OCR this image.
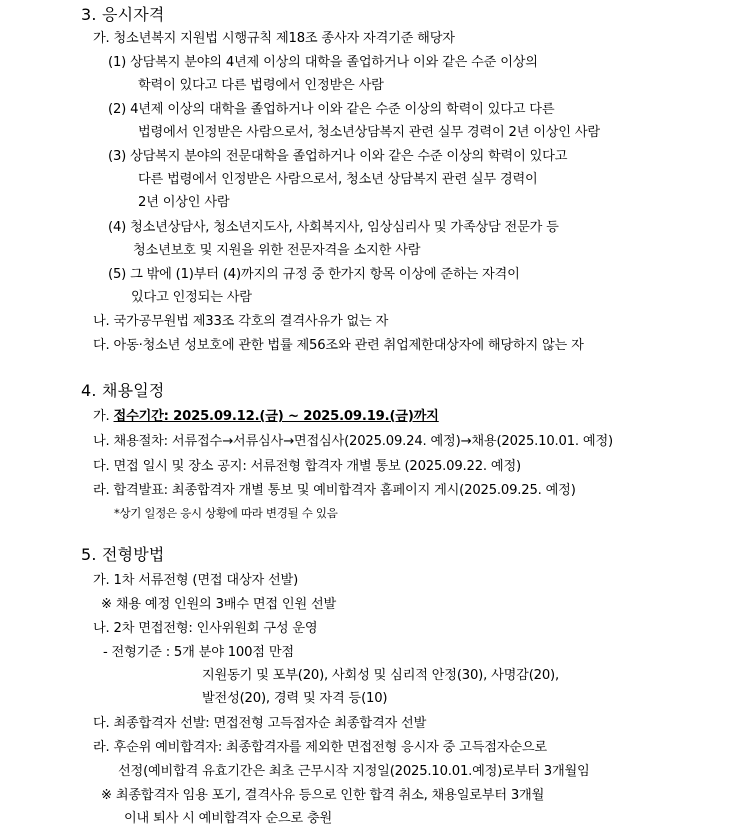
3. 응시자격
가. 청소년복지 지원법 시행규칙 제18조 종사자 자격기준 해당자
(1) 상담복지 분야의 4년제 이상의 대학을 졸업하거나 이와 같은 수준 이상의
학력이 있다고 다른 법령에서 인정받은 사람
(2) 4년제 이상의 대학을 졸업하거나 이와 같은 수준 이상의 학력이 있다고 다른
법령에서 인정받은 사람으로서, 청소년상담복지 관련 실무 경력이 2년 이상인 사람
(3) 상담복지 분야의 전문대학을 졸업하거나 이와 같은 수준 이상의 학력이 있다고
다른 법령에서 인정받은 사람으로서, 청소년 상담복지 관련 실무 경력이
2년 이상인 사람
(4) 청소년상담사, 청소년지도사, 사회복지사, 임상심리사 및 가족상담 전문가 등
청소년보호 및 지원을 위한 전문자격을 소지한 사람
(5) 그 밖에 (1)부터 (4)까지의 규정 중 한가지 항목 이상에 준하는 자격이
있다고 인정되는 사람
나. 국가공무원법 제33조 각호의 결격사유가 없는 자
다. 아동·청소년 성보호에 관한 법률 제56조와 관련 취업제한대상자에 해당하지 않는 자
4. 채용일정
가. 접수기간: 2025.09.12.(금) ~ 2025.09.19.(금)까지
나. 채용절차: 서류접수→서류심사→면접심사(2025.09.24. 예정)→채용(2025.10.01. 예정)
다. 면접 일시 및 장소 공지: 서류전형 합격자 개별 통보 (2025.09.22. 예정)
라. 합격발표: 최종합격자 개별 통보 및 예비합격자 홈페이지 게시(2025.09.25. 예정)
*상기 일정은 응시 상황에 따라 변경될 수 있음
5. 전형방법
가. 1차 서류전형 (면접 대상자 선발)
※ 채용 예정 인원의 3배수 면접 인원 선발
나. 2차 면접전형: 인사위원회 구성 운영
- 전형기준 : 5개 분야 100점 만점
지원동기 및 포부(20), 사회성 및 심리적 안정(30), 사명감(20),
발전성(20), 경력 및 자격 등(10)
다. 최종합격자 선발: 면접전형 고득점자순 최종합격자 선발
라. 후순위 예비합격자: 최종합격자를 제외한 면접전형 응시자 중 고득점자순으로
선정(예비합격 유효기간은 최초 근무시작 지정일(2025.10.01.예정)로부터 3개월임
※ 최종합격자 임용 포기, 결격사유 등으로 인한 합격 취소, 채용일로부터 3개월
이내 퇴사 시 예비합격자 순으로 충원
